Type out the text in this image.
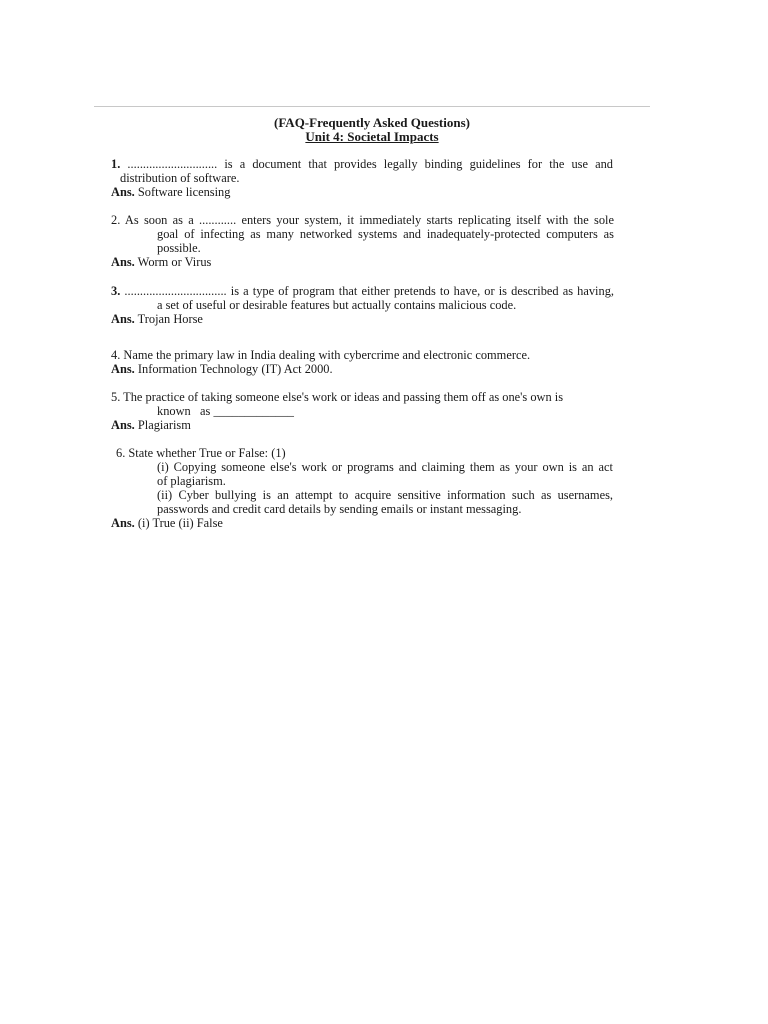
(FAQ-Frequently Asked Questions)
Unit 4: Societal Impacts
1. ............................. is a document that provides legally binding guidelines for the use and
distribution of software.
Ans. Software licensing
2. As soon as a ............ enters your system, it immediately starts replicating itself with the sole
goal of infecting as many networked systems and inadequately-protected computers as
possible.
Ans. Worm or Virus
3. ................................. is a type of program that either pretends to have, or is described as having,
a set of useful or desirable features but actually contains malicious code.
Ans. Trojan Horse
4. Name the primary law in India dealing with cybercrime and electronic commerce.
Ans. Information Technology (IT) Act 2000.
5. The practice of taking someone else's work or ideas and passing them off as one's own is
known   as _____________
Ans. Plagiarism
6. State whether True or False: (1)
(i) Copying someone else's work or programs and claiming them as your own is an act
of plagiarism.
(ii) Cyber bullying is an attempt to acquire sensitive information such as usernames,
passwords and credit card details by sending emails or instant messaging.
Ans. (i) True (ii) False
